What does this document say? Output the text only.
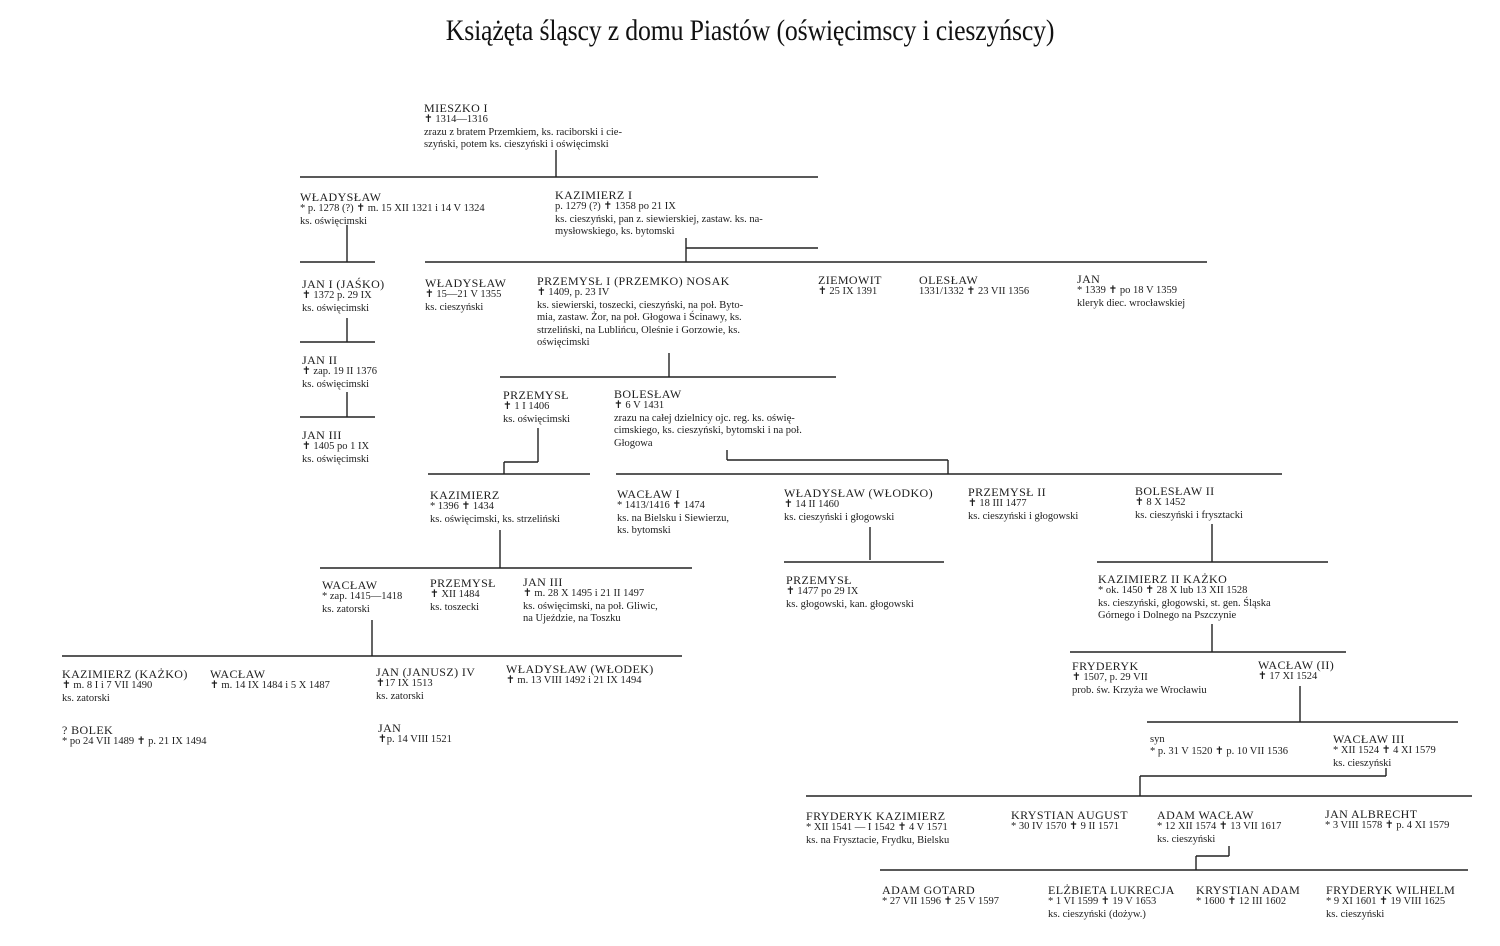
Książęta śląscy z domu Piastów (oświęcimscy i cieszyńscy)
MIESZKO I
✝ 1314—1316
zrazu z bratem Przemkiem, ks. raciborski i cie-
szyński, potem ks. cieszyński i oświęcimski
WŁADYSŁAW
* p. 1278 (?) ✝ m. 15 XII 1321 i 14 V 1324
ks. oświęcimski
KAZIMIERZ I
p. 1279 (?) ✝ 1358 po 21 IX
ks. cieszyński, pan z. siewierskiej, zastaw. ks. na-
mysłowskiego, ks. bytomski
JAN I (JAŚKO)
✝ 1372 p. 29 IX
ks. oświęcimski
WŁADYSŁAW
✝ 15—21 V 1355
ks. cieszyński
PRZEMYSŁ I (PRZEMKO) NOSAK
✝ 1409, p. 23 IV
ks. siewierski, toszecki, cieszyński, na poł. Byto-
mia, zastaw. Żor, na poł. Głogowa i Ścinawy, ks.
strzeliński, na Lublińcu, Oleśnie i Gorzowie, ks.
oświęcimski
ZIEMOWIT
✝ 25 IX 1391
OLESŁAW
1331/1332 ✝ 23 VII 1356
JAN
* 1339 ✝ po 18 V 1359
kleryk diec. wrocławskiej
JAN II
✝ zap. 19 II 1376
ks. oświęcimski
JAN III
✝ 1405 po 1 IX
ks. oświęcimski
PRZEMYSŁ
✝ 1 I 1406
ks. oświęcimski
BOLESŁAW
✝ 6 V 1431
zrazu na całej dzielnicy ojc. reg. ks. oświę-
cimskiego, ks. cieszyński, bytomski i na poł.
Głogowa
KAZIMIERZ
* 1396 ✝ 1434
ks. oświęcimski, ks. strzeliński
WACŁAW I
* 1413/1416 ✝ 1474
ks. na Bielsku i Siewierzu,
ks. bytomski
WŁADYSŁAW (WŁODKO)
✝ 14 II 1460
ks. cieszyński i głogowski
PRZEMYSŁ II
✝ 18 III 1477
ks. cieszyński i głogowski
BOLESŁAW II
✝ 8 X 1452
ks. cieszyński i frysztacki
WACŁAW
* zap. 1415—1418
ks. zatorski
PRZEMYSŁ
✝ XII 1484
ks. toszecki
JAN III
✝ m. 28 X 1495 i 21 II 1497
ks. oświęcimski, na poł. Gliwic,
na Ujeździe, na Toszku
PRZEMYSŁ
✝ 1477 po 29 IX
ks. głogowski, kan. głogowski
KAZIMIERZ II KAŻKO
* ok. 1450 ✝ 28 X lub 13 XII 1528
ks. cieszyński, głogowski, st. gen. Śląska
Górnego i Dolnego na Pszczynie
KAZIMIERZ (KAŻKO)
✝ m. 8 I i 7 VII 1490
ks. zatorski
WACŁAW
✝ m. 14 IX 1484 i 5 X 1487
JAN (JANUSZ) IV
✝17 IX 1513
ks. zatorski
WŁADYSŁAW (WŁODEK)
✝ m. 13 VIII 1492 i 21 IX 1494
FRYDERYK
✝ 1507, p. 29 VII
prob. św. Krzyża we Wrocławiu
WACŁAW (II)
✝ 17 XI 1524
? BOLEK
* po 24 VII 1489 ✝ p. 21 IX 1494
JAN
✝p. 14 VIII 1521	syn
* p. 31 V 1520 ✝ p. 10 VII 1536
WACŁAW III
* XII 1524 ✝ 4 XI 1579
ks. cieszyński
FRYDERYK KAZIMIERZ
* XII 1541 — I 1542 ✝ 4 V 1571
ks. na Frysztacie, Frydku, Bielsku
KRYSTIAN AUGUST
* 30 IV 1570 ✝ 9 II 1571
ADAM WACŁAW
* 12 XII 1574 ✝ 13 VII 1617
ks. cieszyński
JAN ALBRECHT
* 3 VIII 1578 ✝ p. 4 XI 1579
ADAM GOTARD
* 27 VII 1596 ✝ 25 V 1597
ELŻBIETA LUKRECJA
* 1 VI 1599 ✝ 19 V 1653
ks. cieszyński (dożyw.)
KRYSTIAN ADAM
* 1600 ✝ 12 III 1602
FRYDERYK WILHELM
* 9 XI 1601 ✝ 19 VIII 1625
ks. cieszyński
